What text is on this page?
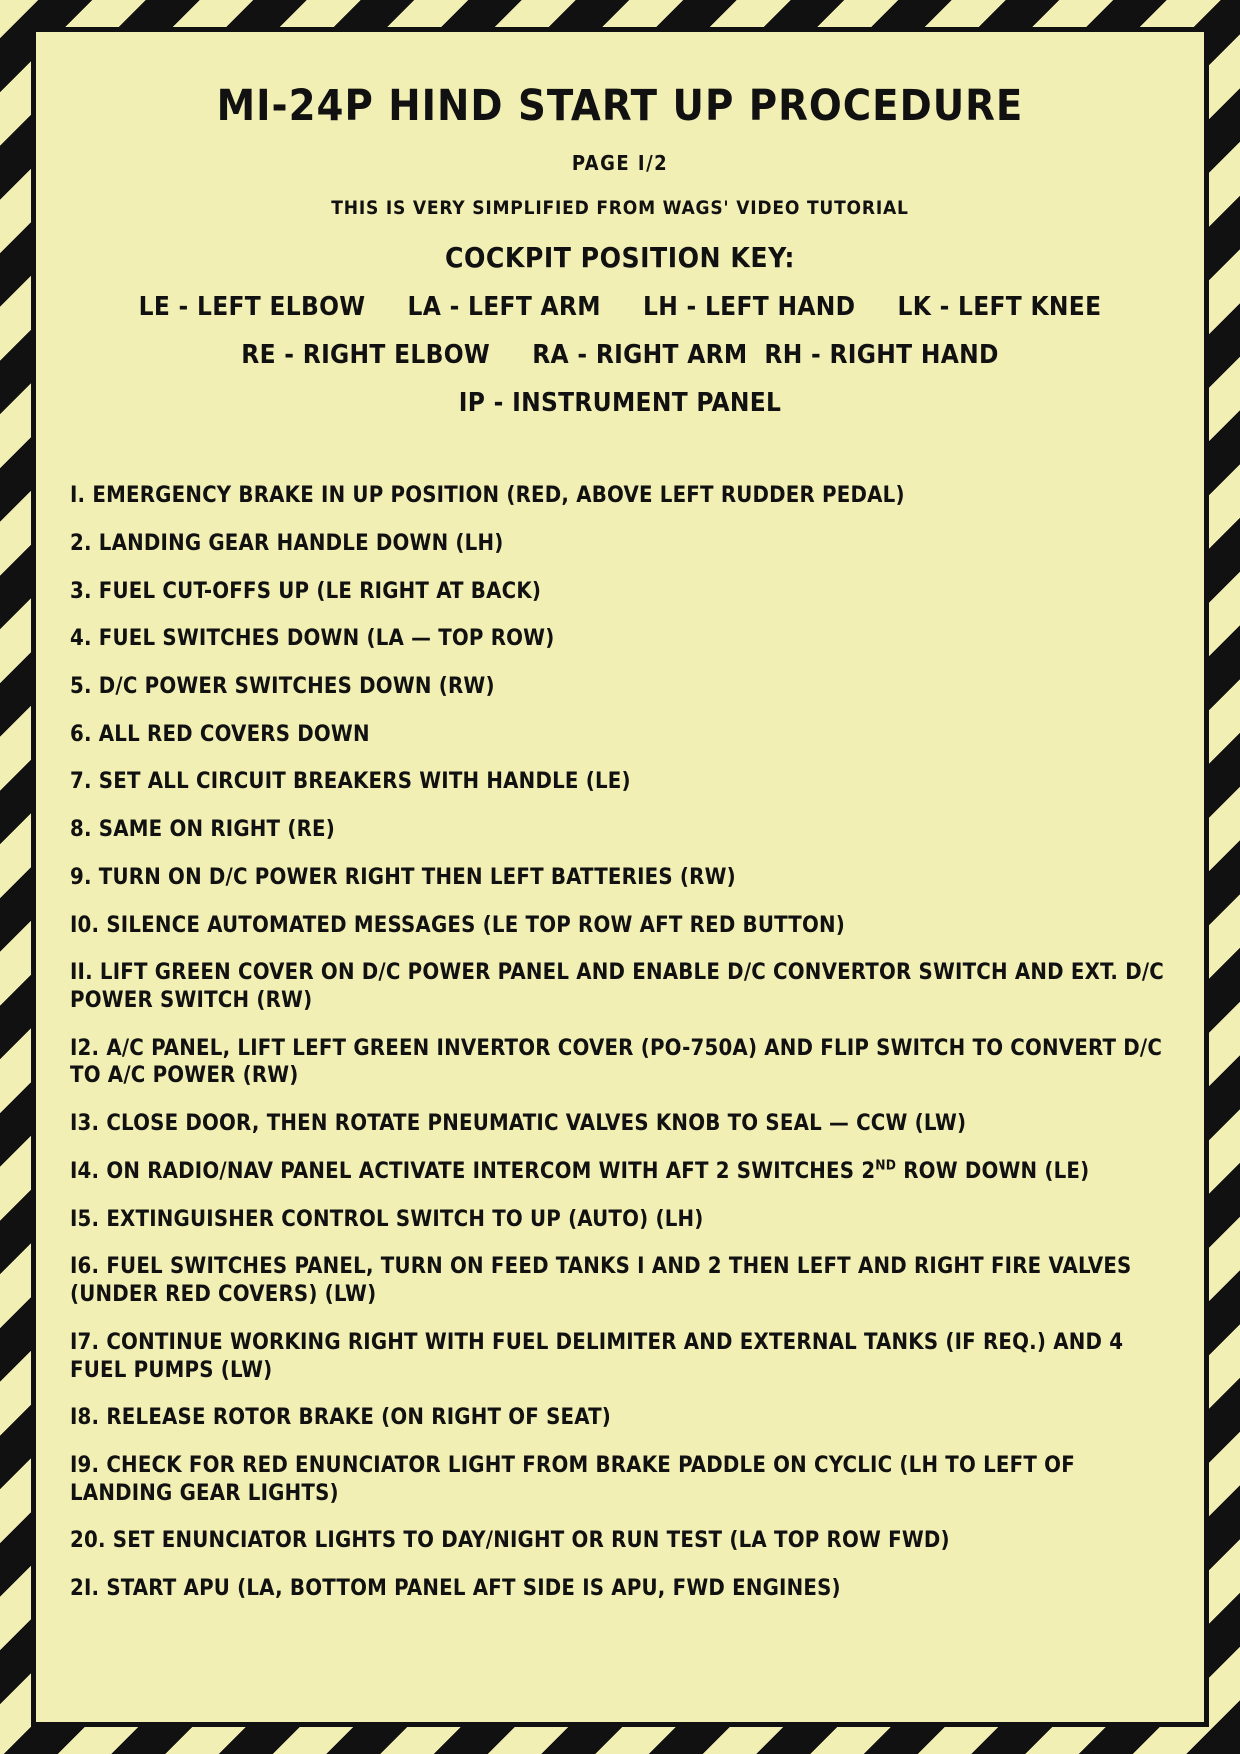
MI-24P HIND START UP PROCEDURE
PAGE I/2
THIS IS VERY SIMPLIFIED FROM WAGS' VIDEO TUTORIAL
COCKPIT POSITION KEY:
LE - LEFT ELBOW     LA - LEFT ARM     LH - LEFT HAND     LK - LEFT KNEE
RE - RIGHT ELBOW     RA - RIGHT ARM  RH - RIGHT HAND
IP - INSTRUMENT PANEL
I. EMERGENCY BRAKE IN UP POSITION (RED, ABOVE LEFT RUDDER PEDAL)
2. LANDING GEAR HANDLE DOWN (LH)
3. FUEL CUT-OFFS UP (LE RIGHT AT BACK)
4. FUEL SWITCHES DOWN (LA — TOP ROW)
5. D/C POWER SWITCHES DOWN (RW)
6. ALL RED COVERS DOWN
7. SET ALL CIRCUIT BREAKERS WITH HANDLE (LE)
8. SAME ON RIGHT (RE)
9. TURN ON D/C POWER RIGHT THEN LEFT BATTERIES (RW)
I0. SILENCE AUTOMATED MESSAGES (LE TOP ROW AFT RED BUTTON)
II. LIFT GREEN COVER ON D/C POWER PANEL AND ENABLE D/C CONVERTOR SWITCH AND EXT. D/C POWER SWITCH (RW)
I2. A/C PANEL, LIFT LEFT GREEN INVERTOR COVER (PO-750A) AND FLIP SWITCH TO CONVERT D/C TO A/C POWER (RW)
I3. CLOSE DOOR, THEN ROTATE PNEUMATIC VALVES KNOB TO SEAL — CCW (LW)
I4. ON RADIO/NAV PANEL ACTIVATE INTERCOM WITH AFT 2 SWITCHES 2ND ROW DOWN (LE)
I5. EXTINGUISHER CONTROL SWITCH TO UP (AUTO) (LH)
I6. FUEL SWITCHES PANEL, TURN ON FEED TANKS I AND 2 THEN LEFT AND RIGHT FIRE VALVES (UNDER RED COVERS) (LW)
I7. CONTINUE WORKING RIGHT WITH FUEL DELIMITER AND EXTERNAL TANKS (IF REQ.) AND 4 FUEL PUMPS (LW)
I8. RELEASE ROTOR BRAKE (ON RIGHT OF SEAT)
I9. CHECK FOR RED ENUNCIATOR LIGHT FROM BRAKE PADDLE ON CYCLIC (LH TO LEFT OF LANDING GEAR LIGHTS)
20. SET ENUNCIATOR LIGHTS TO DAY/NIGHT OR RUN TEST (LA TOP ROW FWD)
2I. START APU (LA, BOTTOM PANEL AFT SIDE IS APU, FWD ENGINES)
